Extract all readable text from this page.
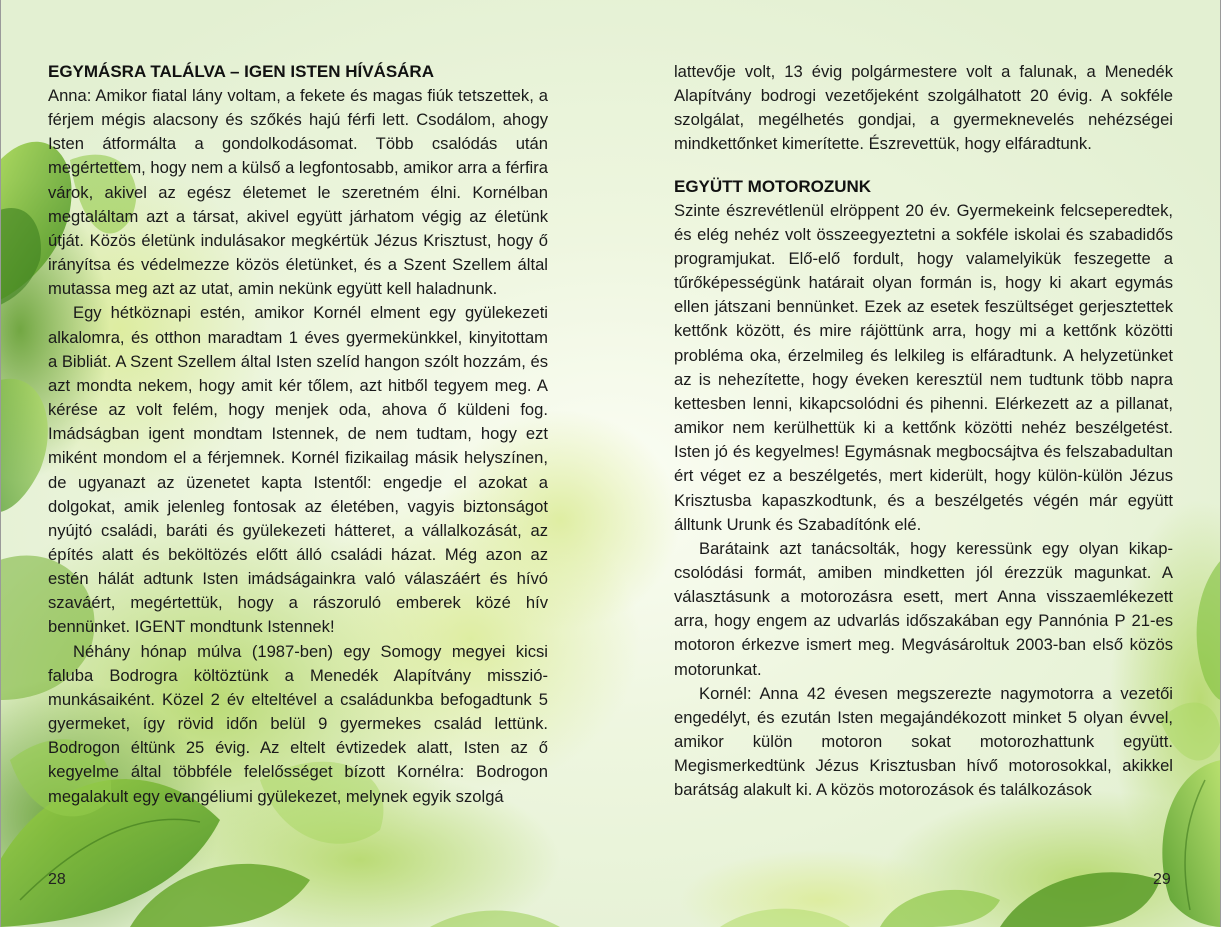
EGYMÁSRA TALÁLVA – IGEN ISTEN HÍVÁSÁRA

Anna: Amikor fiatal lány voltam, a fekete és magas fiúk tetszettek, a férjem mégis alacsony és szőkés hajú férfi lett. Csodálom, ahogy Isten átformálta a gondolkodásomat. Több csalódás után megértettem, hogy nem a külső a legfontosabb, amikor arra a férfira várok, akivel az egész életemet le szeretném élni. Kornélban megtaláltam azt a társat, akivel együtt járhatom végig az életünk útját. Közös életünk indulásakor megkértük Jézus Krisztust, hogy ő irányítsa és védelmezze közös életünket, és a Szent Szellem által mutassa meg azt az utat, amin nekünk együtt kell haladnunk.

Egy hétköznapi estén, amikor Kornél elment egy gyülekezeti alkalomra, és otthon maradtam 1 éves gyermekünkkel, kinyitottam a Bibliát. A Szent Szellem által Isten szelíd hangon szólt hozzám, és azt mondta nekem, hogy amit kér tőlem, azt hitből tegyem meg. A kérése az volt felém, hogy menjek oda, ahova ő küldeni fog. Imádságban igent mondtam Istennek, de nem tudtam, hogy ezt miként mondom el a férjemnek. Kornél fizikailag másik helyszínen, de ugyanazt az üzenetet kapta Istentől: engedje el azokat a dolgokat, amik jelenleg fontosak az életében, vagyis biztonságot nyújtó családi, baráti és gyülekezeti hátteret, a vállalkozását, az építés alatt és beköltözés előtt álló családi házat. Még azon az estén hálát adtunk Isten imádságainkra való válaszáért és hívó szaváért, megértettük, hogy a rászoruló emberek közé hív bennünket. IGENT mondtunk Istennek!

Néhány hónap múlva (1987-ben) egy Somogy megyei kicsi faluba Bodrogra költöztünk a Menedék Alapítvány missziómunkásaiként. Közel 2 év elteltével a családunkba befogadtunk 5 gyermeket, így rövid időn belül 9 gyermekes család lettünk. Bodrogon éltünk 25 évig. Az eltelt évtizedek alatt, Isten az ő kegyelme által többféle felelősséget bízott Kornélra: Bodrogon megalakult egy evangéliumi gyülekezet, melynek egyik szolgá

28

lattevője volt, 13 évig polgármestere volt a falunak, a Menedék Alapítvány bodrogi vezetőjeként szolgálhatott 20 évig. A sokféle szolgálat, megélhetés gondjai, a gyermeknevelés nehézségei mindkettőnket kimerítette. Észrevettük, hogy elfáradtunk.

EGYÜTT MOTOROZUNK

Szinte észrevétlenül elröppent 20 év. Gyermekeink felcseperedtek, és elég nehéz volt összeegyeztetni a sokféle iskolai és szabadidős programjukat. Elő-elő fordult, hogy valamelyikük feszegette a tűrőképességünk határait olyan formán is, hogy ki akart egymás ellen játszani bennünket. Ezek az esetek feszültséget gerjesztettek kettőnk között, és mire rájöttünk arra, hogy mi a kettőnk közötti probléma oka, érzelmileg és lelkileg is elfáradtunk. A helyzetünket az is nehezítette, hogy éveken keresztül nem tudtunk több napra kettesben lenni, kikapcsolódni és pihenni. Elérkezett az a pillanat, amikor nem kerülhettük ki a kettőnk közötti nehéz beszélgetést. Isten jó és kegyelmes! Egymásnak megbocsájtva és felszabadultan ért véget ez a beszélgetés, mert kiderült, hogy külön-külön Jézus Krisztusba kapaszkodtunk, és a beszélgetés végén már együtt álltunk Urunk és Szabadítónk elé.

Barátaink azt tanácsolták, hogy keressünk egy olyan kikapcsolódási formát, amiben mindketten jól érezzük magunkat. A választásunk a motorozásra esett, mert Anna visszaemlékezett arra, hogy engem az udvarlás időszakában egy Pannónia P 21-es motoron érkezve ismert meg. Megvásároltuk 2003-ban első közös motorunkat.

Kornél: Anna 42 évesen megszerezte nagymotorra a vezetői engedélyt, és ezután Isten megajándékozott minket 5 olyan évvel, amikor külön motoron sokat motorozhattunk együtt. Megismerkedtünk Jézus Krisztusban hívő motorosokkal, akikkel barátság alakult ki. A közös motorozások és találkozások

29
